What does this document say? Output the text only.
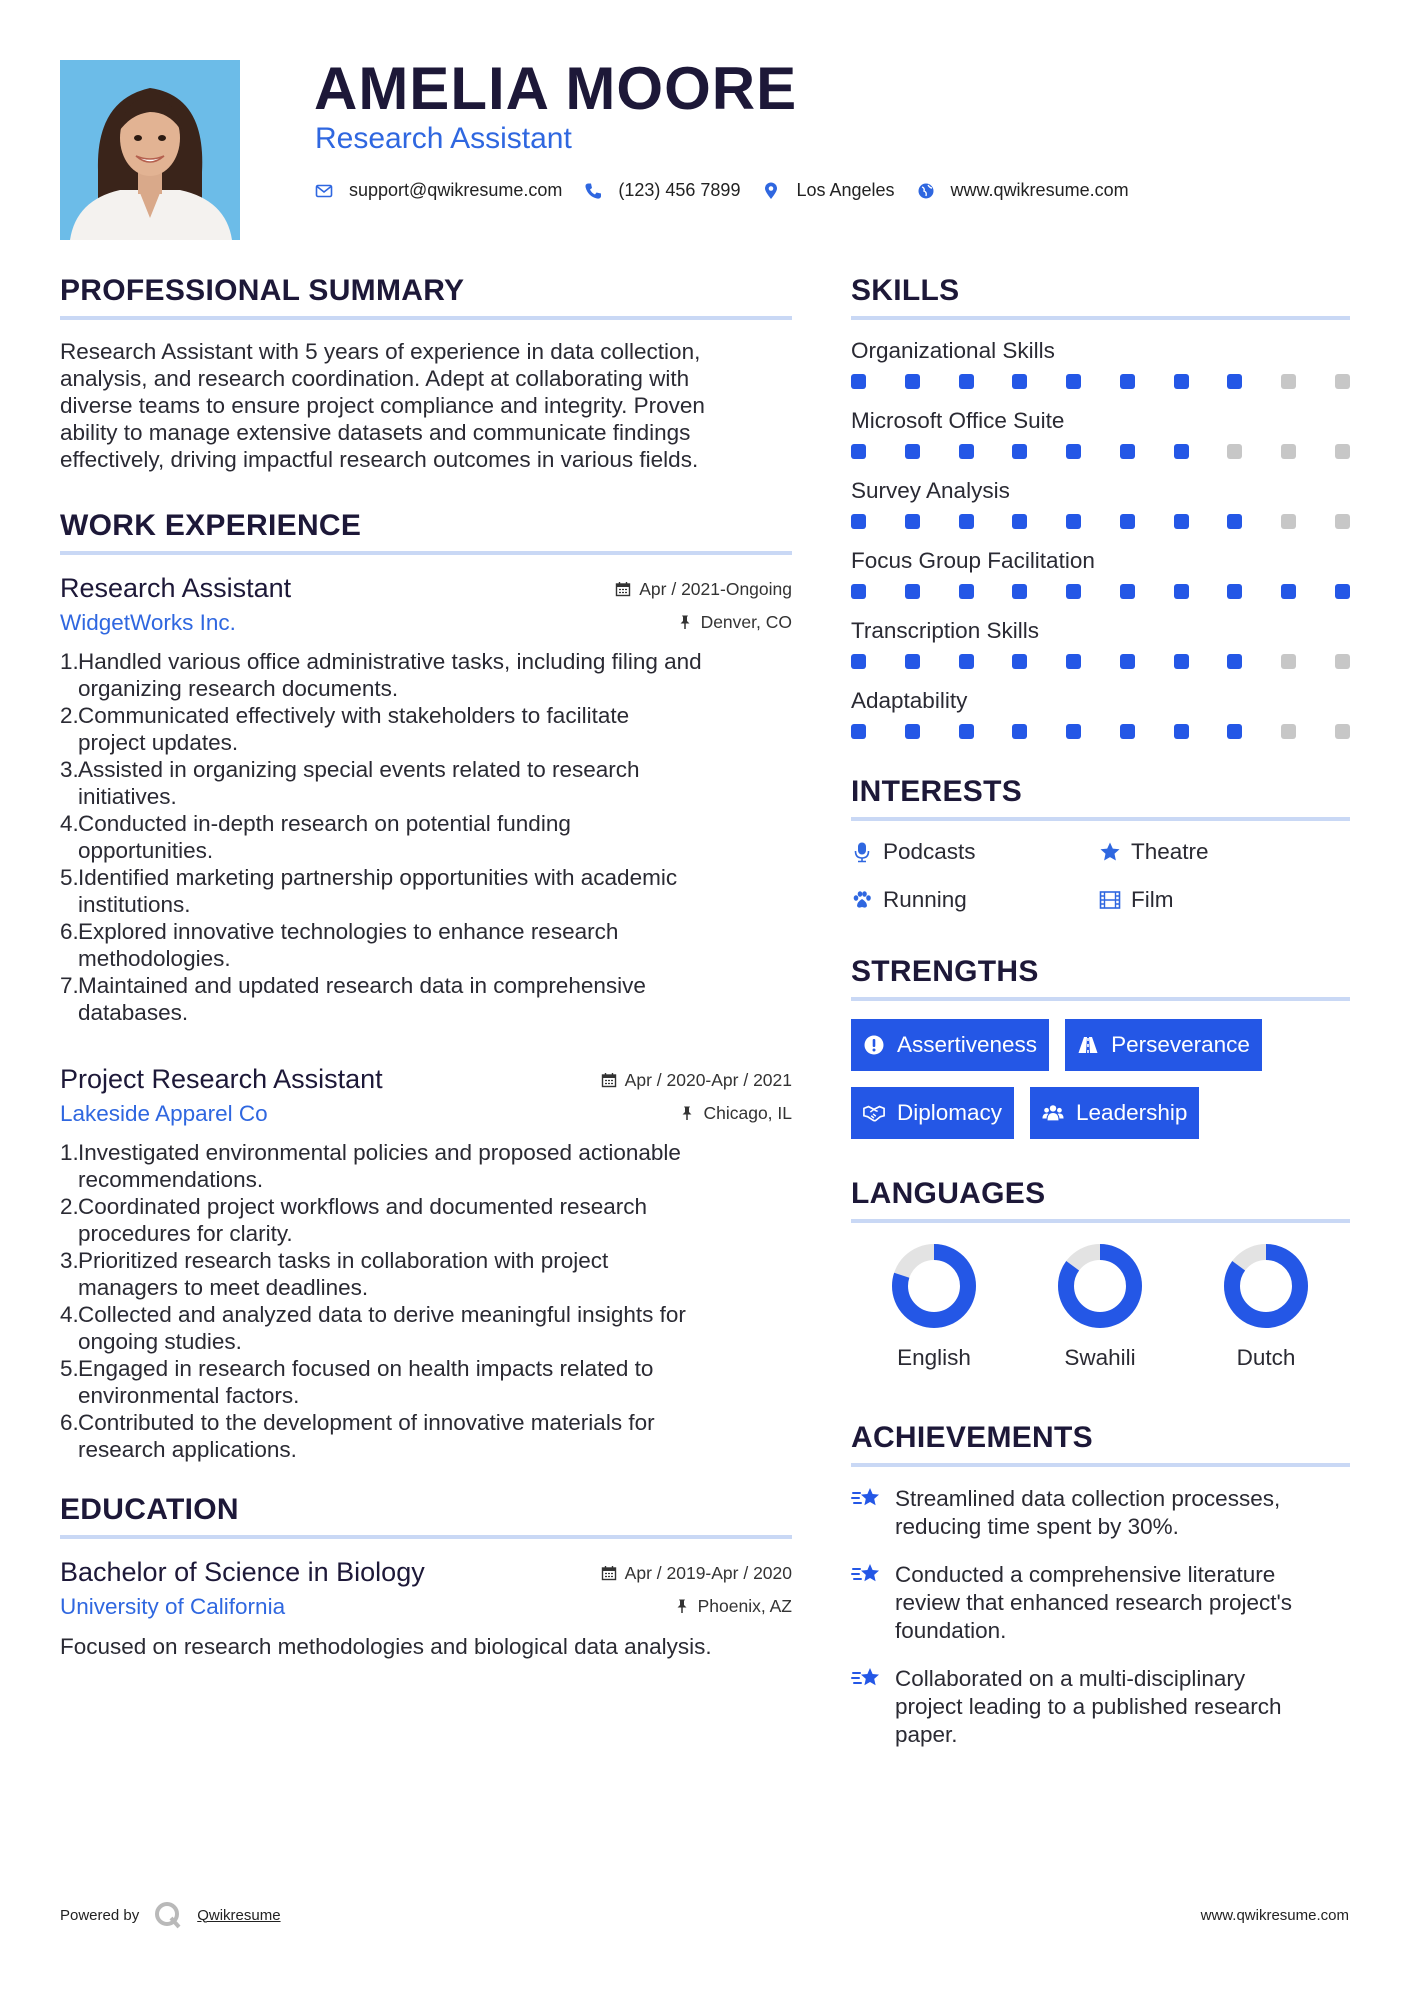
AMELIA MOORE
Research Assistant
support@qwikresume.com	(123) 456 7899	Los Angeles	www.qwikresume.com
PROFESSIONAL SUMMARY
Research Assistant with 5 years of experience in data collection,
analysis, and research coordination. Adept at collaborating with
diverse teams to ensure project compliance and integrity. Proven
ability to manage extensive datasets and communicate findings
effectively, driving impactful research outcomes in various fields.
WORK EXPERIENCE
Research Assistant	Apr / 2021-Ongoing
WidgetWorks Inc.	Denver, CO
1. Handled various office administrative tasks, including filing and
organizing research documents.
2. Communicated effectively with stakeholders to facilitate
project updates.
3. Assisted in organizing special events related to research
initiatives.
4. Conducted in-depth research on potential funding
opportunities.
5. Identified marketing partnership opportunities with academic
institutions.
6. Explored innovative technologies to enhance research
methodologies.
7. Maintained and updated research data in comprehensive
databases.
Project Research Assistant	Apr / 2020-Apr / 2021
Lakeside Apparel Co	Chicago, IL
1. Investigated environmental policies and proposed actionable
recommendations.
2. Coordinated project workflows and documented research
procedures for clarity.
3. Prioritized research tasks in collaboration with project
managers to meet deadlines.
4. Collected and analyzed data to derive meaningful insights for
ongoing studies.
5. Engaged in research focused on health impacts related to
environmental factors.
6. Contributed to the development of innovative materials for
research applications.
EDUCATION
Bachelor of Science in Biology	Apr / 2019-Apr / 2020
University of California	Phoenix, AZ
Focused on research methodologies and biological data analysis.
SKILLS
Organizational Skills
Microsoft Office Suite
Survey Analysis
Focus Group Facilitation
Transcription Skills
Adaptability
INTERESTS
Podcasts	Theatre
Running	Film
STRENGTHS
Assertiveness	Perseverance
Diplomacy	Leadership
LANGUAGES
English	Swahili	Dutch
ACHIEVEMENTS
Streamlined data collection processes,
reducing time spent by 30%.
Conducted a comprehensive literature
review that enhanced research project's
foundation.
Collaborated on a multi-disciplinary
project leading to a published research
paper.
Powered by	Qwikresume	www.qwikresume.com
